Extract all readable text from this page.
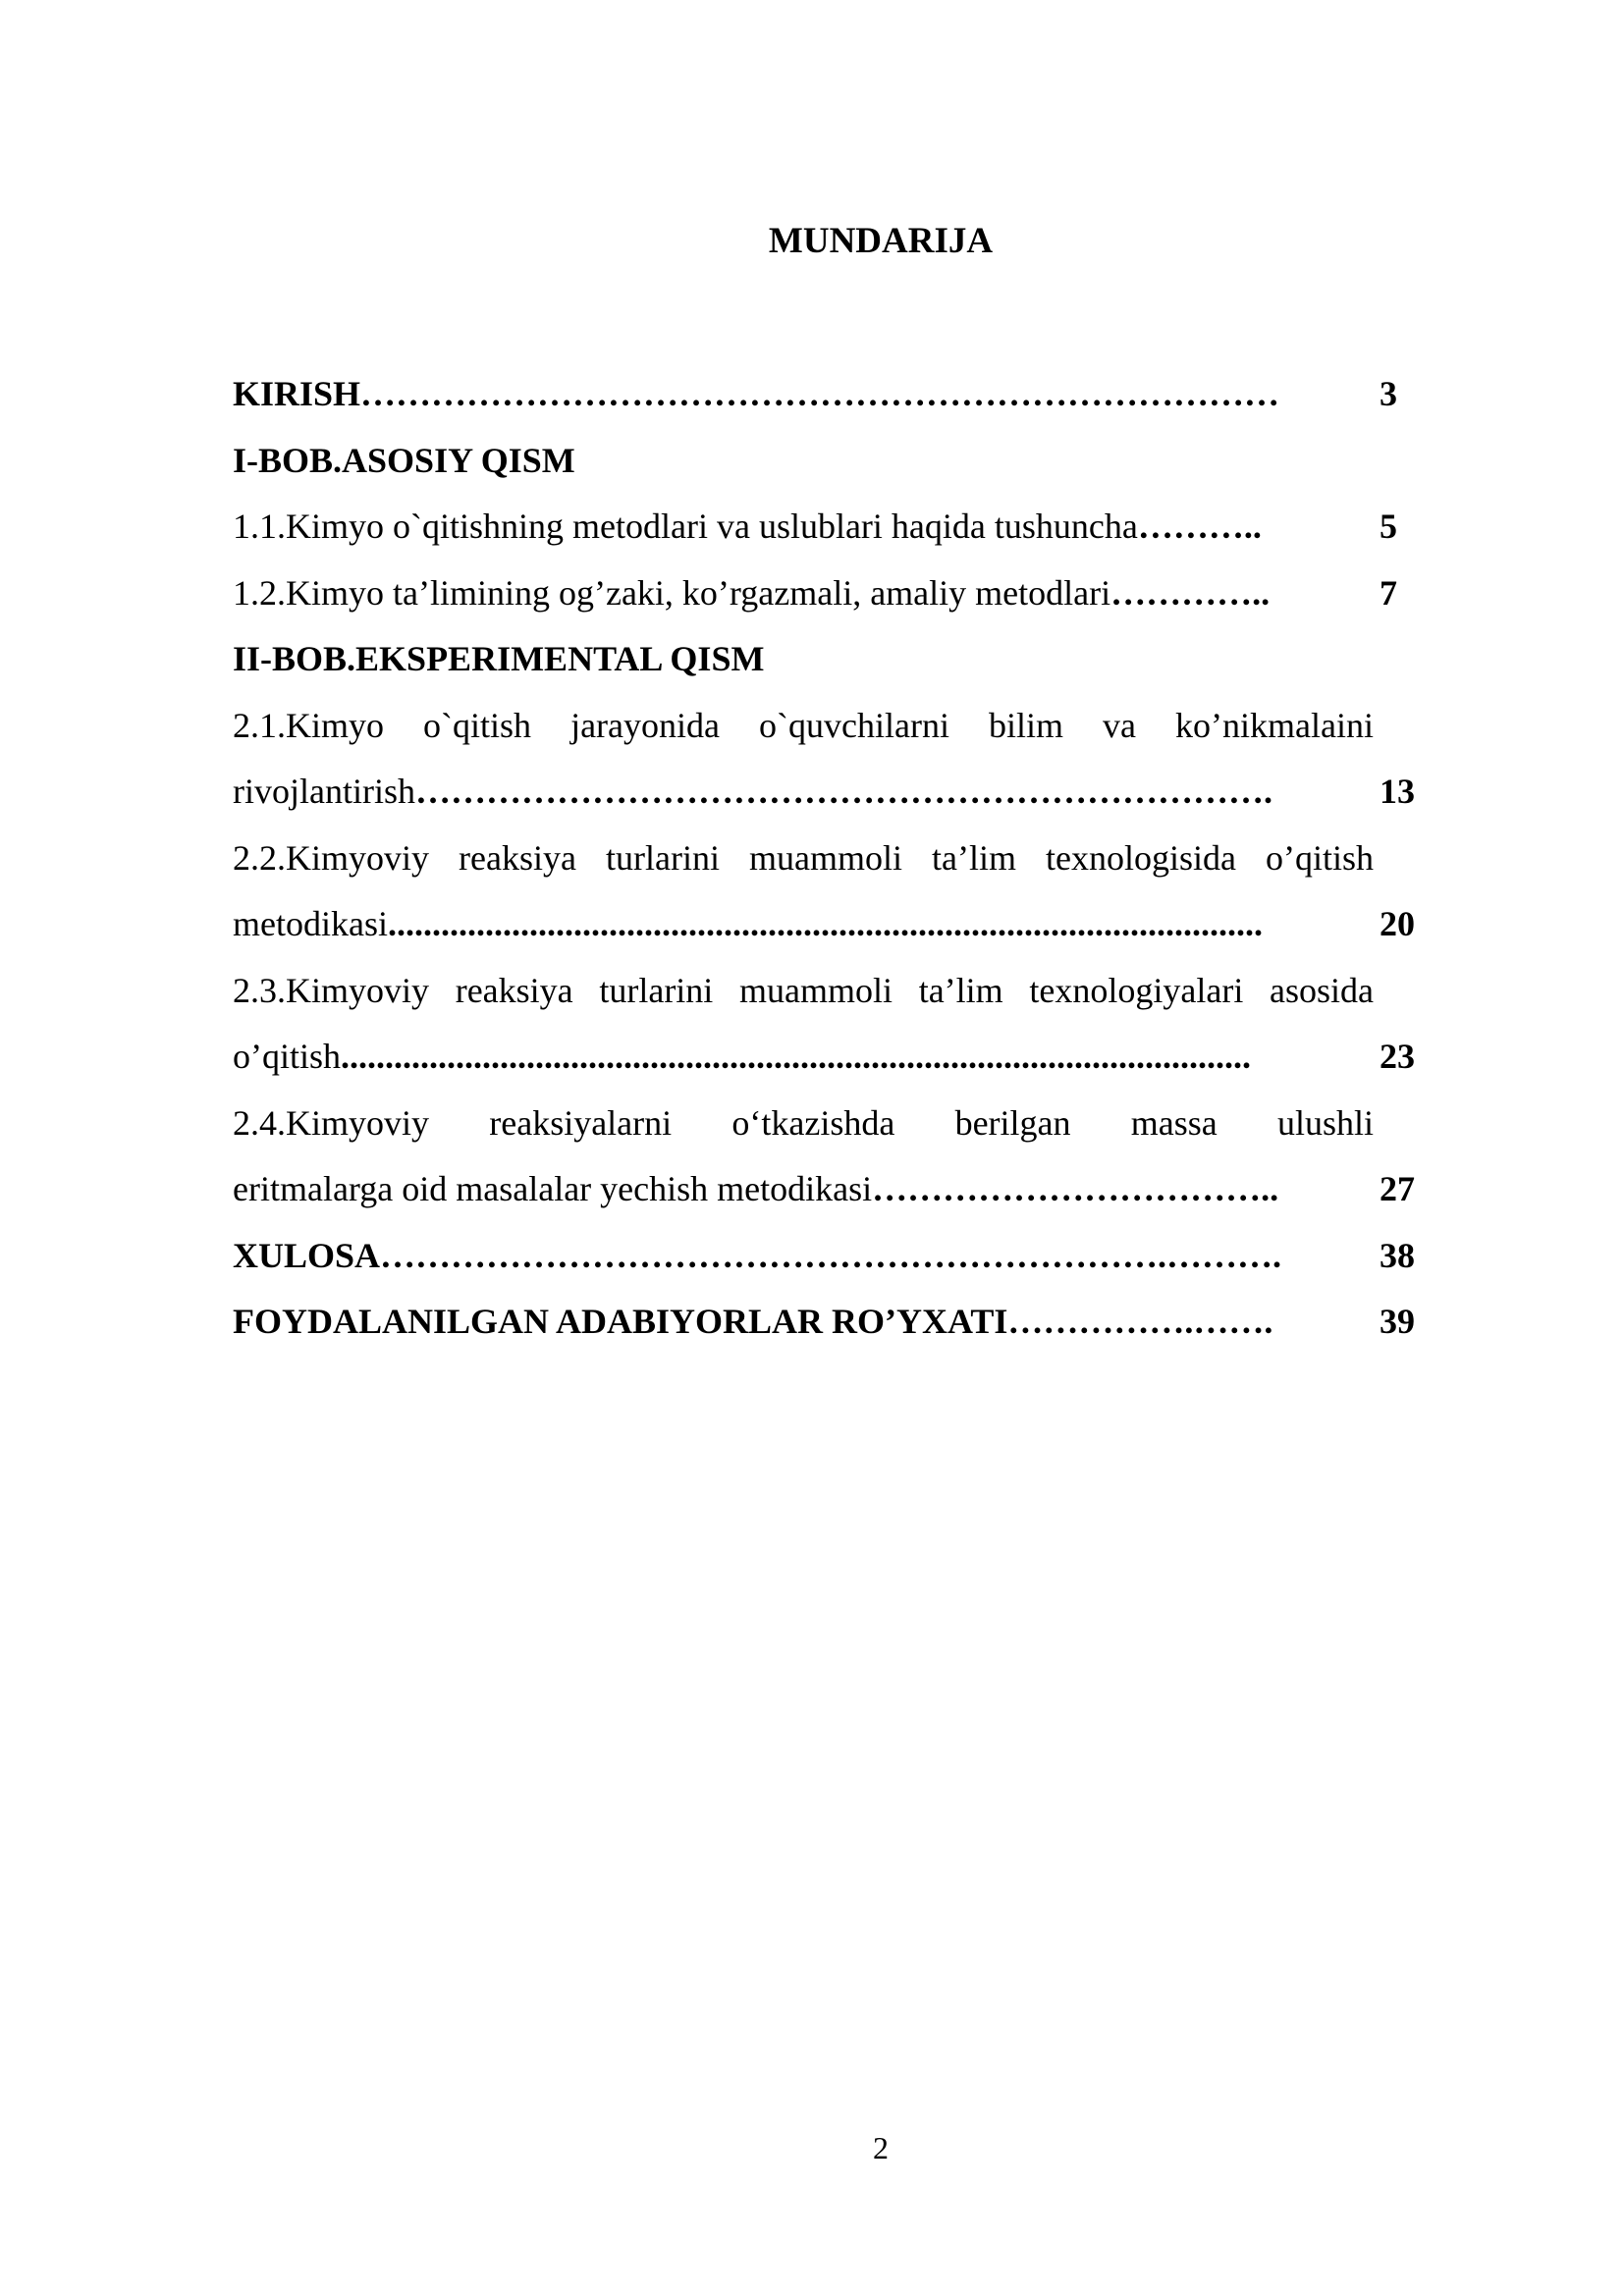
MUNDARIJA
KIRISH……………………………………………………………………	3
I-BOB.ASOSIY QISM
1.1.Kimyo o`qitishning metodlari va uslublari haqida tushuncha………..	5
1.2.Kimyo ta’limining og’zaki, ko’rgazmali, amaliy metodlari…………..	7
II-BOB.EKSPERIMENTAL QISM
2.1.Kimyo o`qitish jarayonida o`quvchilarni bilim va ko’nikmalaini
rivojlantirish……………………………………………………………….	13
2.2.Kimyoviy reaksiya turlarini muammoli ta’lim texnologisida o’qitish
metodikasi...................................................................................................	20
2.3.Kimyoviy reaksiya turlarini muammoli ta’lim texnologiyalari asosida
o’qitish.......................................................................................................	23
2.4.Kimyoviy reaksiyalarni o‘tkazishda berilgan massa ulushli
eritmalarga oid masalalar yechish metodikasi……………………………..	27
XULOSA………………………………………………………….……….	38
FOYDALANILGAN ADABIYORLAR RO’YXATI…………….…….	39
2
